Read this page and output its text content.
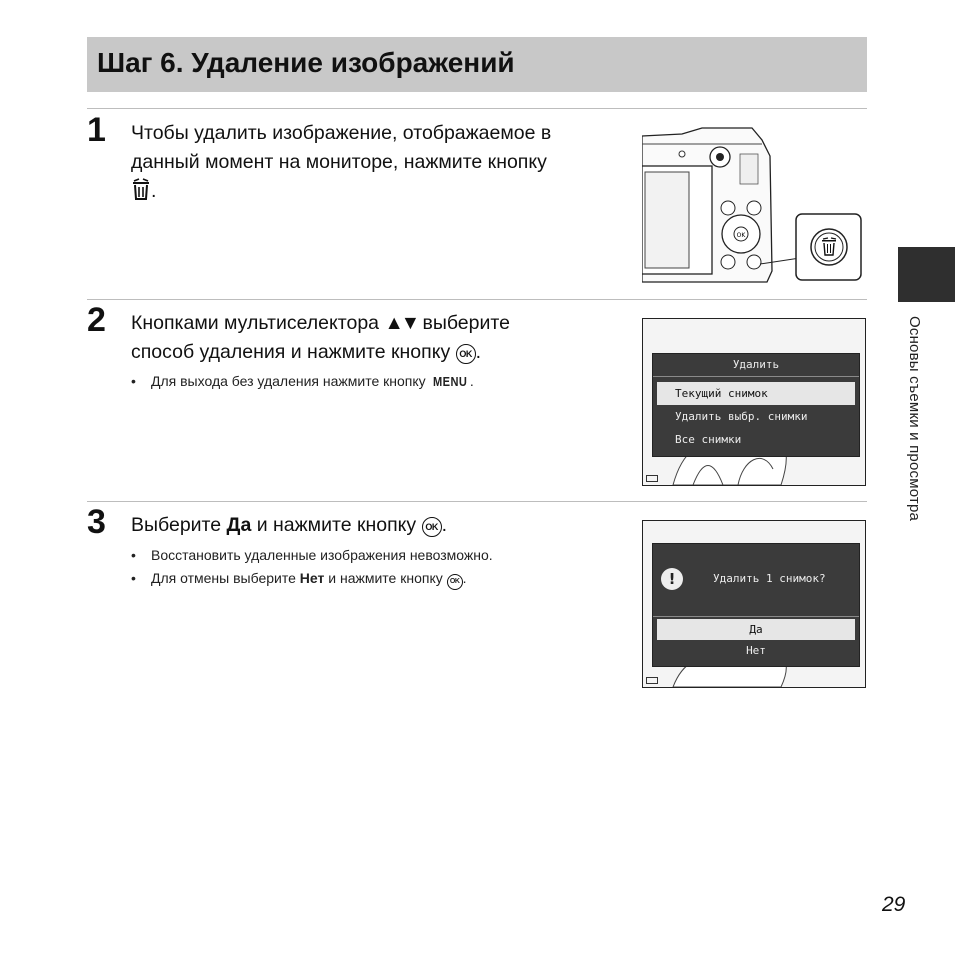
Шаг 6. Удаление изображений
1 Чтобы удалить изображение, отображаемое в
данный момент на мониторе, нажмите кнопку
.
OK
2 Кнопками мультиселектора ▲▼ выберите
способ удаления и нажмите кнопку OK .
• Для выхода без удаления нажмите кнопку MENU .
Удалить
Текущий снимок
Удалить выбр. снимки
Все снимки
3 Выберите Да и нажмите кнопку OK .
• Восстановить удаленные изображения невозможно.
• Для отмены выберите Нет и нажмите кнопку OK .	!	Удалить 1 снимок?
Да
Нет
Основы съемки и просмотра
29
